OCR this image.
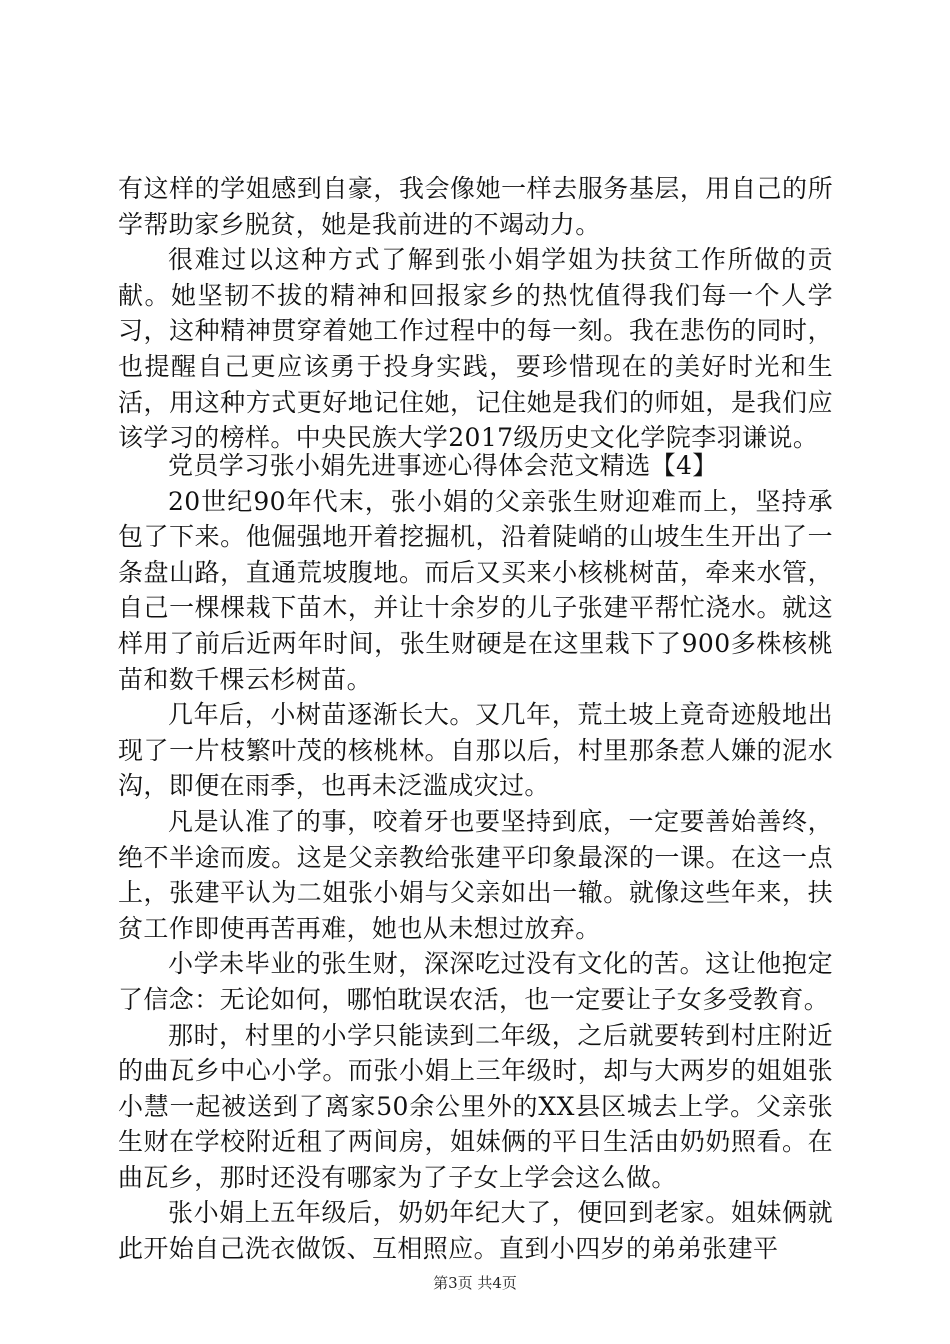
有这样的学姐感到自豪，我会像她一样去服务基层，用自己的所学帮助家乡脱贫，她是我前进的不竭动力。

很难过以这种方式了解到张小娟学姐为扶贫工作所做的贡献。她坚韧不拔的精神和回报家乡的热忱值得我们每一个人学习，这种精神贯穿着她工作过程中的每一刻。我在悲伤的同时，也提醒自己更应该勇于投身实践，要珍惜现在的美好时光和生活，用这种方式更好地记住她，记住她是我们的师姐，是我们应该学习的榜样。中央民族大学2017级历史文化学院李羽谦说。

党员学习张小娟先进事迹心得体会范文精选【4】

20世纪90年代末，张小娟的父亲张生财迎难而上，坚持承包了下来。他倔强地开着挖掘机，沿着陡峭的山坡生生开出了一条盘山路，直通荒坡腹地。而后又买来小核桃树苗，牵来水管，自己一棵棵栽下苗木，并让十余岁的儿子张建平帮忙浇水。就这样用了前后近两年时间，张生财硬是在这里栽下了900多株核桃苗和数千棵云杉树苗。

几年后，小树苗逐渐长大。又几年，荒土坡上竟奇迹般地出现了一片枝繁叶茂的核桃林。自那以后，村里那条惹人嫌的泥水沟，即便在雨季，也再未泛滥成灾过。

凡是认准了的事，咬着牙也要坚持到底，一定要善始善终，绝不半途而废。这是父亲教给张建平印象最深的一课。在这一点上，张建平认为二姐张小娟与父亲如出一辙。就像这些年来，扶贫工作即使再苦再难，她也从未想过放弃。

小学未毕业的张生财，深深吃过没有文化的苦。这让他抱定了信念：无论如何，哪怕耽误农活，也一定要让子女多受教育。

那时，村里的小学只能读到二年级，之后就要转到村庄附近的曲瓦乡中心小学。而张小娟上三年级时，却与大两岁的姐姐张小慧一起被送到了离家50余公里外的XX县区城去上学。父亲张生财在学校附近租了两间房，姐妹俩的平日生活由奶奶照看。在曲瓦乡，那时还没有哪家为了子女上学会这么做。

张小娟上五年级后，奶奶年纪大了，便回到老家。姐妹俩就此开始自己洗衣做饭、互相照应。直到小四岁的弟弟张建平

第3页 共4页
